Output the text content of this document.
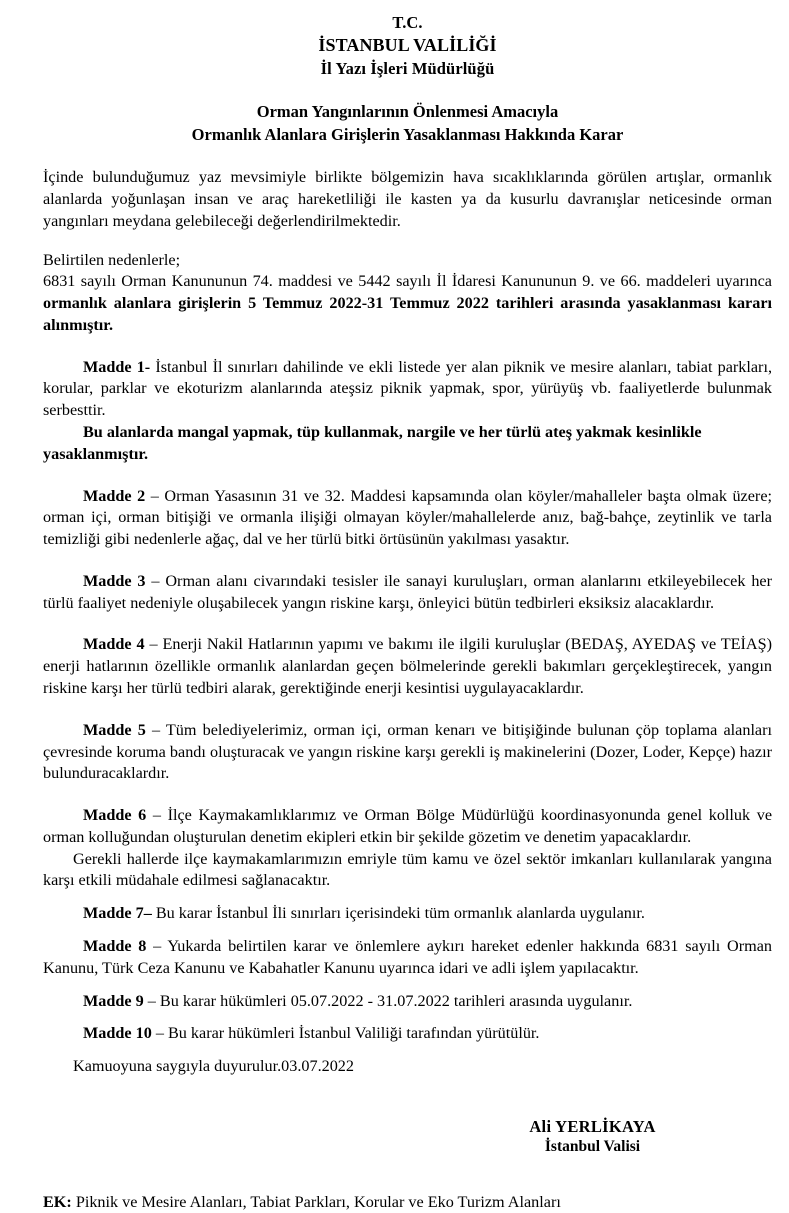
T.C.
İSTANBUL VALİLİĞİ
İl Yazı İşleri Müdürlüğü
Orman Yangınlarının Önlenmesi Amacıyla
Ormanlık Alanlara Girişlerin Yasaklanması Hakkında Karar

İçinde bulunduğumuz yaz mevsimiyle birlikte bölgemizin hava sıcaklıklarında görülen artışlar, ormanlık alanlarda yoğunlaşan insan ve araç hareketliliği ile kasten ya da kusurlu davranışlar neticesinde orman yangınları meydana gelebileceği değerlendirilmektedir.

Belirtilen nedenlerle;

6831 sayılı Orman Kanununun 74. maddesi ve 5442 sayılı İl İdaresi Kanununun 9. ve 66. maddeleri uyarınca ormanlık alanlara girişlerin 5 Temmuz 2022-31 Temmuz 2022 tarihleri arasında yasaklanması kararı alınmıştır.

Madde 1- İstanbul İl sınırları dahilinde ve ekli listede yer alan piknik ve mesire alanları, tabiat parkları, korular, parklar ve ekoturizm alanlarında ateşsiz piknik yapmak, spor, yürüyüş vb. faaliyetlerde bulunmak serbesttir.

Bu alanlarda mangal yapmak, tüp kullanmak, nargile ve her türlü ateş yakmak kesinlikle yasaklanmıştır.

Madde 2 – Orman Yasasının 31 ve 32. Maddesi kapsamında olan köyler/mahalleler başta olmak üzere; orman içi, orman bitişiği ve ormanla ilişiği olmayan köyler/mahallelerde anız, bağ-bahçe, zeytinlik ve tarla temizliği gibi nedenlerle ağaç, dal ve her türlü bitki örtüsünün yakılması yasaktır.

Madde 3 – Orman alanı civarındaki tesisler ile sanayi kuruluşları, orman alanlarını etkileyebilecek her türlü faaliyet nedeniyle oluşabilecek yangın riskine karşı, önleyici bütün tedbirleri eksiksiz alacaklardır.

Madde 4 – Enerji Nakil Hatlarının yapımı ve bakımı ile ilgili kuruluşlar (BEDAŞ, AYEDAŞ ve TEİAŞ) enerji hatlarının özellikle ormanlık alanlardan geçen bölmelerinde gerekli bakımları gerçekleştirecek, yangın riskine karşı her türlü tedbiri alarak, gerektiğinde enerji kesintisi uygulayacaklardır.

Madde 5 – Tüm belediyelerimiz, orman içi, orman kenarı ve bitişiğinde bulunan çöp toplama alanları çevresinde koruma bandı oluşturacak ve yangın riskine karşı gerekli iş makinelerini (Dozer, Loder, Kepçe) hazır bulunduracaklardır.

Madde 6 – İlçe Kaymakamlıklarımız ve Orman Bölge Müdürlüğü koordinasyonunda genel kolluk ve orman kolluğundan oluşturulan denetim ekipleri etkin bir şekilde gözetim ve denetim yapacaklardır.

Gerekli hallerde ilçe kaymakamlarımızın emriyle tüm kamu ve özel sektör imkanları kullanılarak yangına karşı etkili müdahale edilmesi sağlanacaktır.

Madde 7– Bu karar İstanbul İli sınırları içerisindeki tüm ormanlık alanlarda uygulanır.

Madde 8 – Yukarda belirtilen karar ve önlemlere aykırı hareket edenler hakkında 6831 sayılı Orman Kanunu, Türk Ceza Kanunu ve Kabahatler Kanunu uyarınca idari ve adli işlem yapılacaktır.

Madde 9 – Bu karar hükümleri 05.07.2022 - 31.07.2022 tarihleri arasında uygulanır.

Madde 10 – Bu karar hükümleri İstanbul Valiliği tarafından yürütülür.

Kamuoyuna saygıyla duyurulur.03.07.2022

Ali YERLİKAYA
İstanbul Valisi
EK: Piknik ve Mesire Alanları, Tabiat Parkları, Korular ve Eko Turizm Alanları
